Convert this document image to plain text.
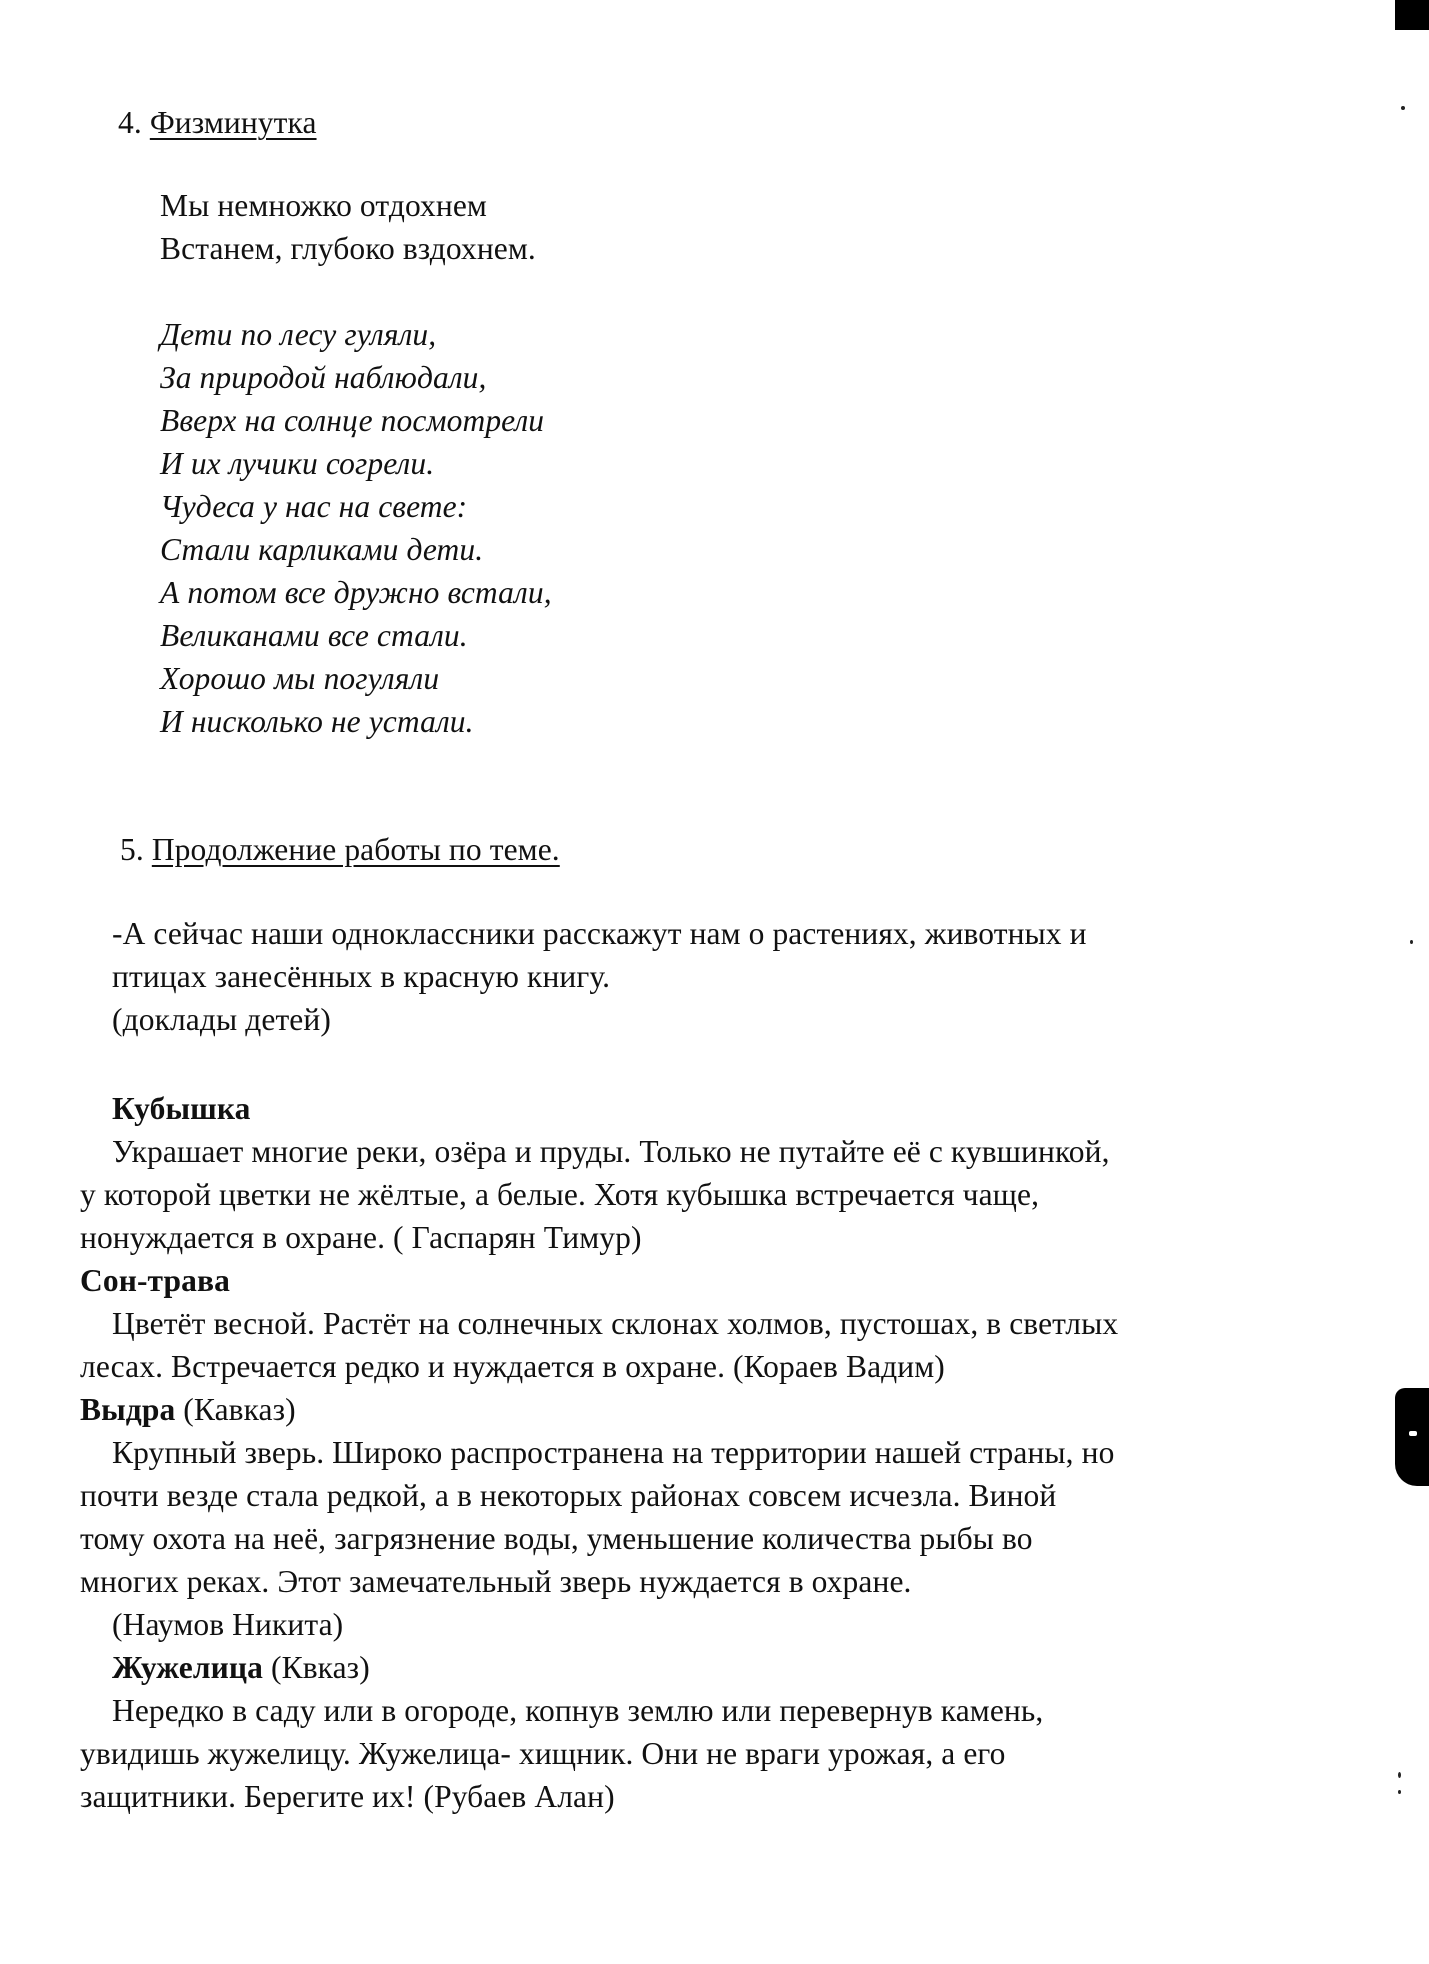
4. Физминутка
Мы немножко отдохнем
Встанем, глубоко вздохнем.
Дети по лесу гуляли,
За природой наблюдали,
Вверх на солнце посмотрели
И их лучики согрели.
Чудеса у нас на свете:
Стали карликами дети.
А потом все дружно встали,
Великанами все стали.
Хорошо мы погуляли
И нисколько не устали.
5. Продолжение работы по теме.
-А сейчас наши одноклассники расскажут нам о растениях, животных и
птицах занесённых в красную книгу.
(доклады детей)
Кубышка
Украшает многие реки, озёра и пруды. Только не путайте её с кувшинкой,
у которой цветки не жёлтые, а белые. Хотя кубышка встречается чаще,
нонуждается в охране. ( Гаспарян Тимур)
Сон-трава
Цветёт весной. Растёт на солнечных склонах холмов, пустошах, в светлых
лесах. Встречается редко и нуждается в охране. (Кораев Вадим)
Выдра (Кавказ)
Крупный зверь. Широко распространена на территории нашей страны, но
почти везде стала редкой, а в некоторых районах совсем исчезла. Виной
тому охота на неё, загрязнение воды, уменьшение количества рыбы во
многих реках. Этот замечательный зверь нуждается в охране.
(Наумов Никита)
Жужелица (Квказ)
Нередко в саду или в огороде, копнув землю или перевернув камень,
увидишь жужелицу. Жужелица- хищник. Они не враги урожая, а его
защитники. Берегите их! (Рубаев Алан)
